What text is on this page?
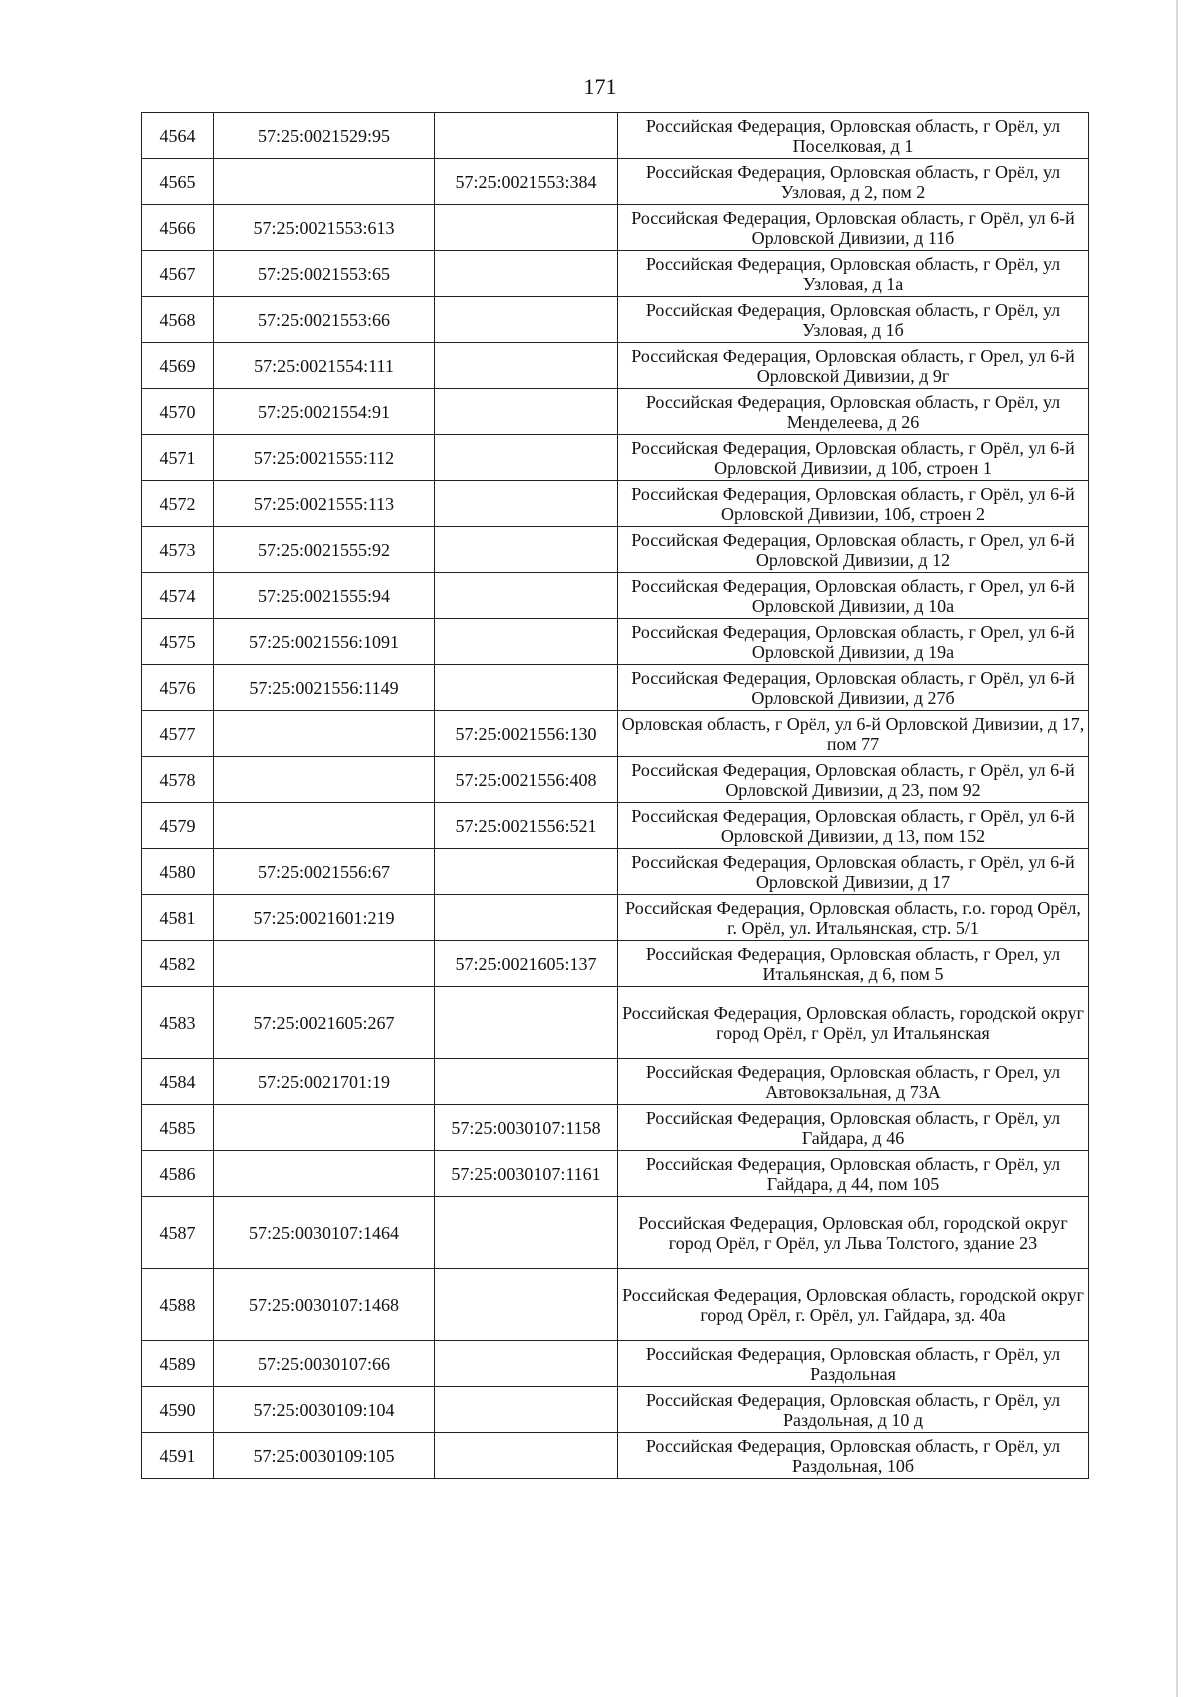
171
4564	57:25:0021529:95		Российская Федерация, Орловская область, г Орёл, ул Поселковая, д 1
4565		57:25:0021553:384	Российская Федерация, Орловская область, г Орёл, ул Узловая, д 2, пом 2
4566	57:25:0021553:613		Российская Федерация, Орловская область, г Орёл, ул 6-й Орловской Дивизии, д 11б
4567	57:25:0021553:65		Российская Федерация, Орловская область, г Орёл, ул Узловая, д 1а
4568	57:25:0021553:66		Российская Федерация, Орловская область, г Орёл, ул Узловая, д 1б
4569	57:25:0021554:111		Российская Федерация, Орловская область, г Орел, ул 6-й Орловской Дивизии, д 9г
4570	57:25:0021554:91		Российская Федерация, Орловская область, г Орёл, ул Менделеева, д 26
4571	57:25:0021555:112		Российская Федерация, Орловская область, г Орёл, ул 6-й Орловской Дивизии, д 10б, строен 1
4572	57:25:0021555:113		Российская Федерация, Орловская область, г Орёл, ул 6-й Орловской Дивизии, 10б, строен 2
4573	57:25:0021555:92		Российская Федерация, Орловская область, г Орел, ул 6-й Орловской Дивизии, д 12
4574	57:25:0021555:94		Российская Федерация, Орловская область, г Орел, ул 6-й Орловской Дивизии, д 10а
4575	57:25:0021556:1091		Российская Федерация, Орловская область, г Орел, ул 6-й Орловской Дивизии, д 19а
4576	57:25:0021556:1149		Российская Федерация, Орловская область, г Орёл, ул 6-й Орловской Дивизии, д 27б
4577		57:25:0021556:130	Орловская область, г Орёл, ул 6-й Орловской Дивизии, д 17, пом 77
4578		57:25:0021556:408	Российская Федерация, Орловская область, г Орёл, ул 6-й Орловской Дивизии, д 23, пом 92
4579		57:25:0021556:521	Российская Федерация, Орловская область, г Орёл, ул 6-й Орловской Дивизии, д 13, пом 152
4580	57:25:0021556:67		Российская Федерация, Орловская область, г Орёл, ул 6-й Орловской Дивизии, д 17
4581	57:25:0021601:219		Российская Федерация, Орловская область, г.о. город Орёл, г. Орёл, ул. Итальянская, стр. 5/1
4582		57:25:0021605:137	Российская Федерация, Орловская область, г Орел, ул Итальянская, д 6, пом 5
4583	57:25:0021605:267		Российская Федерация, Орловская область, городской округ город Орёл, г Орёл, ул Итальянская
4584	57:25:0021701:19		Российская Федерация, Орловская область, г Орел, ул Автовокзальная, д 73А
4585		57:25:0030107:1158	Российская Федерация, Орловская область, г Орёл, ул Гайдара, д 46
4586		57:25:0030107:1161	Российская Федерация, Орловская область, г Орёл, ул Гайдара, д 44, пом 105
4587	57:25:0030107:1464		Российская Федерация, Орловская обл, городской округ город Орёл, г Орёл, ул Льва Толстого, здание 23
4588	57:25:0030107:1468		Российская Федерация, Орловская область, городской округ город Орёл, г. Орёл, ул. Гайдара, зд. 40а
4589	57:25:0030107:66		Российская Федерация, Орловская область, г Орёл, ул Раздольная
4590	57:25:0030109:104		Российская Федерация, Орловская область, г Орёл, ул Раздольная, д 10 д
4591	57:25:0030109:105		Российская Федерация, Орловская область, г Орёл, ул Раздольная, 10б
